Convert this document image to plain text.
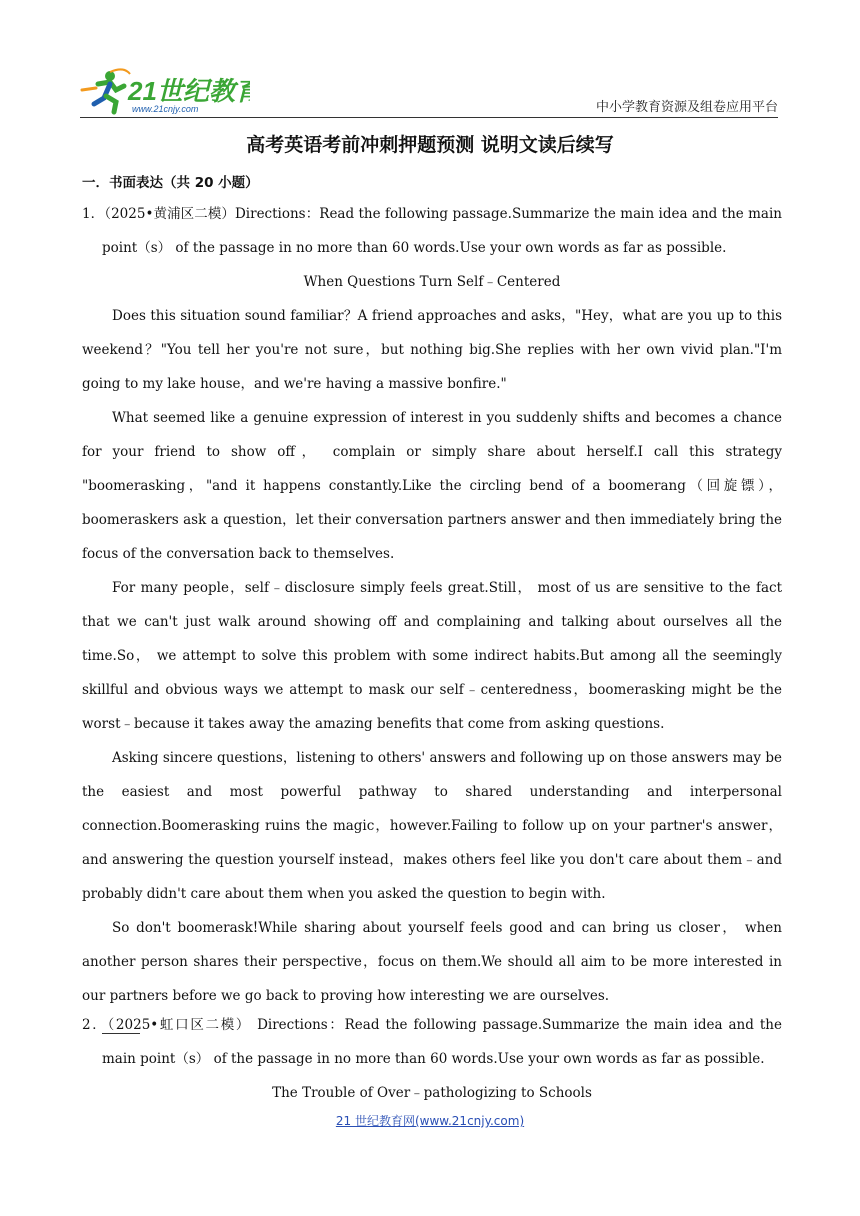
21世纪教育
www.21cnjy.com	中小学教育资源及组卷应用平台
高考英语考前冲刺押题预测 说明文读后续写
一．书面表达（共 20 小题）

1．（2025•黄浦区二模）Directions：Read the following passage.Summarize the main idea and the main point（s） of the passage in no more than 60 words.Use your own words as far as possible.

When Questions Turn Self﹣Centered

Does this situation sound familiar？A friend approaches and asks，"Hey，what are you up to this weekend？"You tell her you're not sure，but nothing big.She replies with her own vivid plan."I'm going to my lake house，and we're having a massive bonfire."

What seemed like a genuine expression of interest in you suddenly shifts and becomes a chance for your friend to show off， complain or simply share about herself.I call this strategy "boomerasking，"and it happens constantly.Like the circling bend of a boomerang（回旋镖），boomeraskers ask a question，let their conversation partners answer and then immediately bring the focus of the conversation back to themselves.

For many people，self﹣disclosure simply feels great.Still， most of us are sensitive to the fact that we can't just walk around showing off and complaining and talking about ourselves all the time.So， we attempt to solve this problem with some indirect habits.But among all the seemingly skillful and obvious ways we attempt to mask our self﹣centeredness，boomerasking might be the worst﹣because it takes away the amazing benefits that come from asking questions.

Asking sincere questions，listening to others' answers and following up on those answers may be the easiest and most powerful pathway to shared understanding and interpersonal connection.Boomerasking ruins the magic，however.Failing to follow up on your partner's answer，and answering the question yourself instead，makes others feel like you don't care about them﹣and probably didn't care about them when you asked the question to begin with.

So don't boomerask!While sharing about yourself feels good and can bring us closer， when another person shares their perspective，focus on them.We should all aim to be more interested in our partners before we go back to proving how interesting we are ourselves.

2．（2025•虹口区二模） Directions：Read the following passage.Summarize the main idea and the main point（s） of the passage in no more than 60 words.Use your own words as far as possible.

The Trouble of Over﹣pathologizing to Schools

21 世纪教育网(www.21cnjy.com)
